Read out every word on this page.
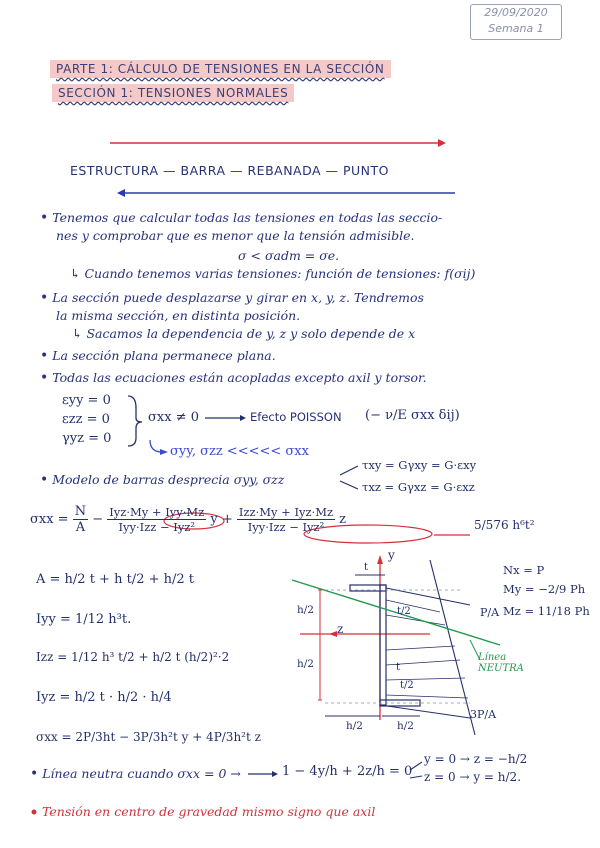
29/09/2020
Semana 1
PARTE 1: CÁLCULO DE TENSIONES EN LA SECCIÓN
SECCIÓN 1: TENSIONES NORMALES
ESTRUCTURA — BARRA — REBANADA — PUNTO
• Tenemos que calcular todas las tensiones en todas las seccio-
nes y comprobar que es menor que la tensión admisible.
σ < σadm = σe.
↳ Cuando tenemos varias tensiones: función de tensiones: f(σij)
• La sección puede desplazarse y girar en x, y, z. Tendremos
la misma sección, en distinta posición.
↳ Sacamos la dependencia de y, z y solo depende de x
• La sección plana permanece plana.
• Todas las ecuaciones están acopladas excepto axil y torsor.
εyy = 0
εzz = 0
γyz = 0
σxx ≠ 0	Efecto POISSON (− ν/E σxx δij)
σyy, σzz <<<<< σxx
• Modelo de barras desprecia σyy, σzz
τxy = Gγxy = G·εxy
τxz = Gγxz = G·εxz
$\sigma xx = \frac{N}{A} - \frac{\text{Iyz·My + Iyy·Mz}}{\text{Iyy·Izz − Iyz²}}$ $y + \frac{\text{Izz·My + Iyz·Mz}}{\text{Iyy·Izz − Iyz²}}$ z	5/576 h⁶t²
A = h/2 t + h t/2 + h/2 t
Iyy = 1/12 h³t.
Izz = 1/12 h³ t/2 + h/2 t (h/2)²·2
Iyz = h/2 t · h/2 · h/4
σxx = 2P/3ht − 3P/3h²t y + 4P/3h²t z
Nx = P
My = −2/9 Ph
Mz = 11/18 Ph
y
z
t
t/2
t
t/2
h/2
h/2
h/2	h/2
P/A
3P/A
Línea NEUTRA
• Línea neutra cuando σxx = 0 →	1 − 4y/h + 2z/h = 0
y = 0 → z = −h/2
z = 0 → y = h/2.
Tensión en centro de gravedad mismo signo que axil
